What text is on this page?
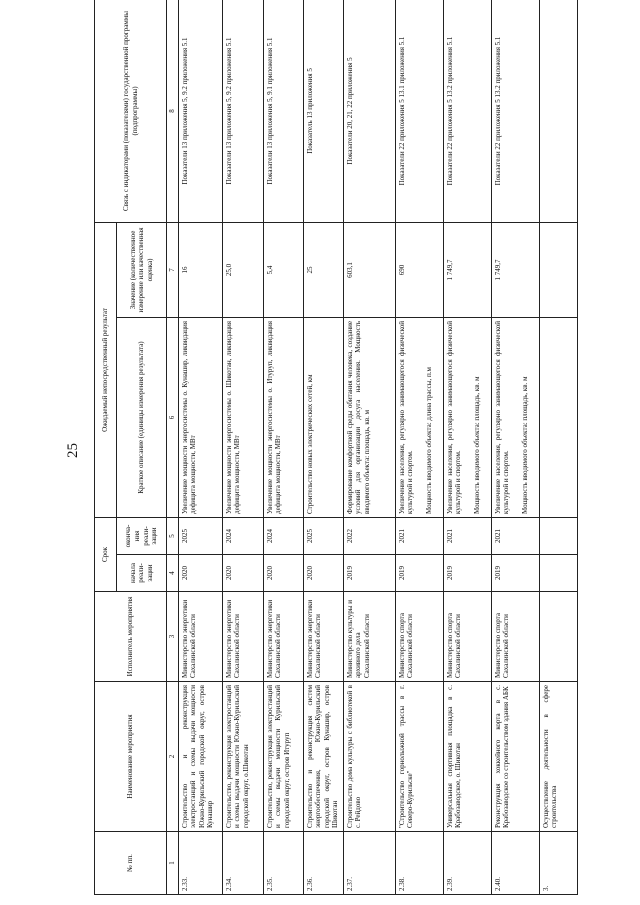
25
№ пп.	Наименование мероприятия	Исполнитель мероприятия	Срок		Ожидаемый непосредственный результат		Связь с индикаторами (показателями) государственной программы (подпрограммы)
			начала реали-зации	оконча-ния реали-зации	Краткое описание (единицы измерения результата)	Значение (количественное измерение или качественная оценка)	

1	2	3	4	5	6	7	8
2.33.	Строительство и реконструкция электростанций и схемы выдачи мощности Южно-Курильский городской округ, остров Кунашир	Министерство энергетики Сахалинской области	2020	2025	Увеличение мощности энергосистемы о. Кунашир, ликвидация дефицита мощности, МВт	16	Показатели 13 приложения 5, 9.2 приложения 5.1
2.34.	Строительство, реконструкция электростанций и схемы выдачи мощности Южно-Курильский городской округ, о.Шикотан	Министерство энергетики Сахалинской области	2020	2024	Увеличение мощности энергосистемы о. Шикотан, ликвидация дефицита мощности, МВт	25,0	Показатели 13 приложения 5, 9.2 приложения 5.1
2.35.	Строительство, реконструкция электростанций и схемы выдачи мощности Курильский городской округ, остров Итуруп	Министерство энергетики Сахалинской области	2020	2024	Увеличение мощности энергосистемы о. Итуруп, ликвидация дефицита мощности, МВт	5,4	Показатели 13 приложения 5, 9.1 приложения 5.1
2.36.	Строительство и реконструкция систем энергообеспечения, Южно-Курильский городской округ, остров Кунашир, остров Шикотан	Министерство энергетики Сахалинской области	2020	2025	Строительство новых электрических сетей, км	25	Показатель 13 приложения 5
2.37.	Строительство дома культуры с библиотекой в с. Рейдово	Министерство культуры и архивного дела Сахалинской области	2019	2022	Формирование комфортной среды обитания человека, создание условий для организации досуга населения. Мощность вводимого объекта: площадь, кв. м	603,1	Показатели 20, 21, 22 приложения 5
2.38.	"Строительство горнолыжной трассы в г. Северо-Курильске"	Министерство спорта Сахалинской области	2019	2021	Увеличение населения, регулярно занимающегося физической культурой и спортом. Мощность вводимого объекта: длина трассы, п.м	690	Показатели 22 приложения 5 13.1 приложения 5.1
2.39.	Универсальная спортивная площадка в с. Крабозаводское, о. Шикотан	Министерство спорта Сахалинской области	2019	2021	Увеличение населения, регулярно занимающегося физической культурой и спортом. Мощность вводимого объекта: площадь, кв. м	1 749,7	Показатели 22 приложения 5 13.2 приложения 5.1
2.40.	Реконструкция хоккейного корта в с. Крабозаводское со строительством здания АБК	Министерство спорта Сахалинской области	2019	2021	Увеличение населения, регулярно занимающегося физической культурой и спортом. Мощность вводимого объекта: площадь, кв. м	1 749,7	Показатели 22 приложения 5 13.2 приложения 5.1
3.	Осуществление деятельности в сфере строительства				
